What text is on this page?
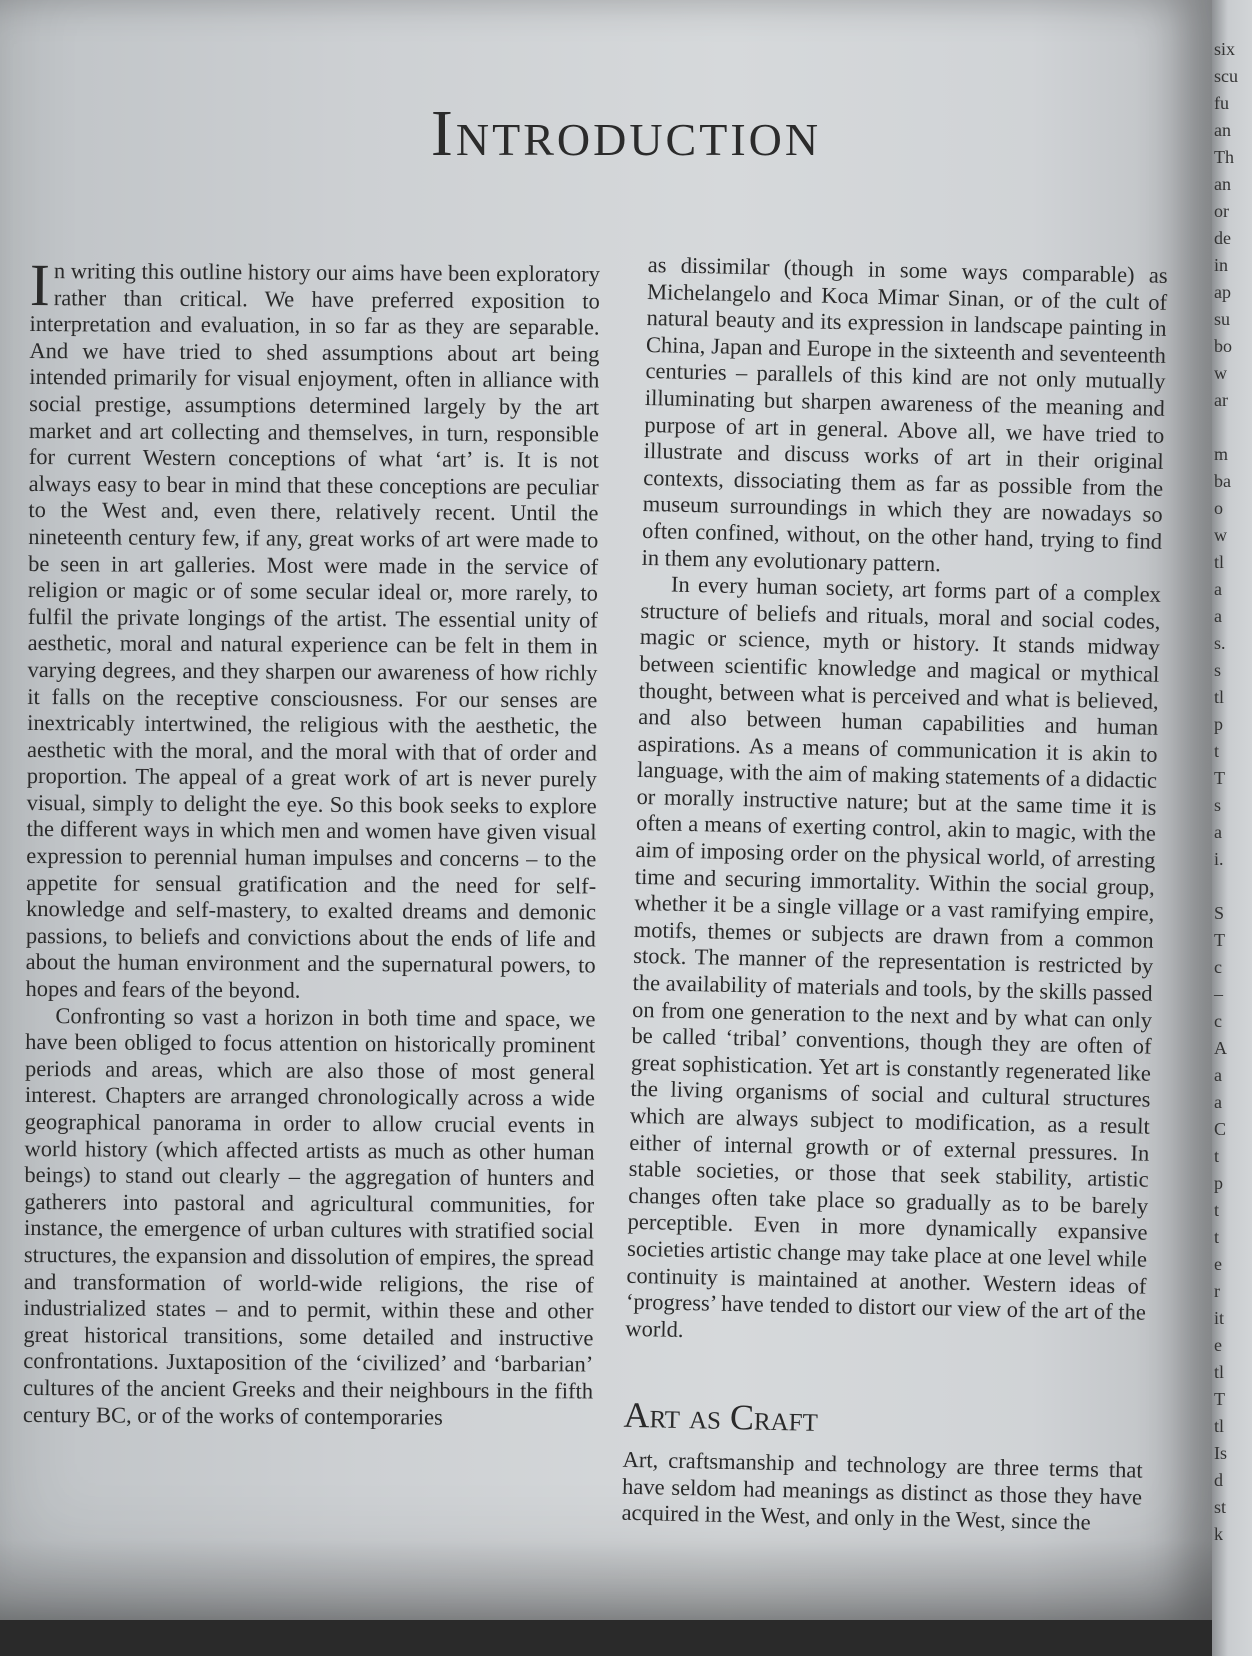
Introduction

In writing this outline history our aims have been exploratory rather than critical. We have preferred exposition to interpretation and evaluation, in so far as they are separable. And we have tried to shed assumptions about art being intended primarily for visual enjoyment, often in alliance with social prestige, assumptions determined largely by the art market and art collecting and themselves, in turn, responsible for current Western conceptions of what ‘art’ is. It is not always easy to bear in mind that these conceptions are peculiar to the West and, even there, relatively recent. Until the nineteenth century few, if any, great works of art were made to be seen in art galleries. Most were made in the service of religion or magic or of some secular ideal or, more rarely, to fulfil the private longings of the artist. The essential unity of aesthetic, moral and natural experience can be felt in them in varying degrees, and they sharpen our awareness of how richly it falls on the receptive consciousness. For our senses are inextricably intertwined, the religious with the aesthetic, the aesthetic with the moral, and the moral with that of order and proportion. The appeal of a great work of art is never purely visual, simply to delight the eye. So this book seeks to explore the different ways in which men and women have given visual expression to perennial human impulses and concerns – to the appetite for sensual gratification and the need for self-knowledge and self-mastery, to exalted dreams and demonic passions, to beliefs and convictions about the ends of life and about the human environment and the supernatural powers, to hopes and fears of the beyond.

Confronting so vast a horizon in both time and space, we have been obliged to focus attention on historically prominent periods and areas, which are also those of most general interest. Chapters are arranged chronologically across a wide geographical panorama in order to allow crucial events in world history (which affected artists as much as other human beings) to stand out clearly – the aggregation of hunters and gatherers into pastoral and agricultural communities, for instance, the emergence of urban cultures with stratified social structures, the expansion and dissolution of empires, the spread and transformation of world-wide religions, the rise of industrialized states – and to permit, within these and other great historical transitions, some detailed and instructive confrontations. Juxtaposition of the ‘civilized’ and ‘barbarian’ cultures of the ancient Greeks and their neighbours in the fifth century BC, or of the works of contemporaries

as dissimilar (though in some ways comparable) as Michelangelo and Koca Mimar Sinan, or of the cult of natural beauty and its expression in landscape painting in China, Japan and Europe in the sixteenth and seventeenth centuries – parallels of this kind are not only mutually illuminating but sharpen awareness of the meaning and purpose of art in general. Above all, we have tried to illustrate and discuss works of art in their original contexts, dissociating them as far as possible from the museum surroundings in which they are nowadays so often confined, without, on the other hand, trying to find in them any evolutionary pattern.

In every human society, art forms part of a complex structure of beliefs and rituals, moral and social codes, magic or science, myth or history. It stands midway between scientific knowledge and magical or mythical thought, between what is perceived and what is believed, and also between human capabilities and human aspirations. As a means of communication it is akin to language, with the aim of making statements of a didactic or morally instructive nature; but at the same time it is often a means of exerting control, akin to magic, with the aim of imposing order on the physical world, of arresting time and securing immortality. Within the social group, whether it be a single village or a vast ramifying empire, motifs, themes or subjects are drawn from a common stock. The manner of the representation is restricted by the availability of materials and tools, by the skills passed on from one generation to the next and by what can only be called ‘tribal’ conventions, though they are often of great sophistication. Yet art is constantly regenerated like the living organisms of social and cultural structures which are always subject to modification, as a result either of internal growth or of external pressures. In stable societies, or those that seek stability, artistic changes often take place so gradually as to be barely perceptible. Even in more dynamically expansive societies artistic change may take place at one level while continuity is maintained at another. Western ideas of ‘progress’ have tended to distort our view of the art of the world.

Art as Craft

Art, craftsmanship and technology are three terms that have seldom had meanings as distinct as those they have acquired in the West, and only in the West, since the

six
scu
fu
an
Th
an
or
de
in
ap
su
bo
w
ar

m
ba
o
w
tl
a
a
s.
s
tl
p
t
T
s
a
i.

S
T
c
–
c
A
a
a
C
t
p
t
t
e
r
it
e
tl
T
tl
Is
d
st
k
